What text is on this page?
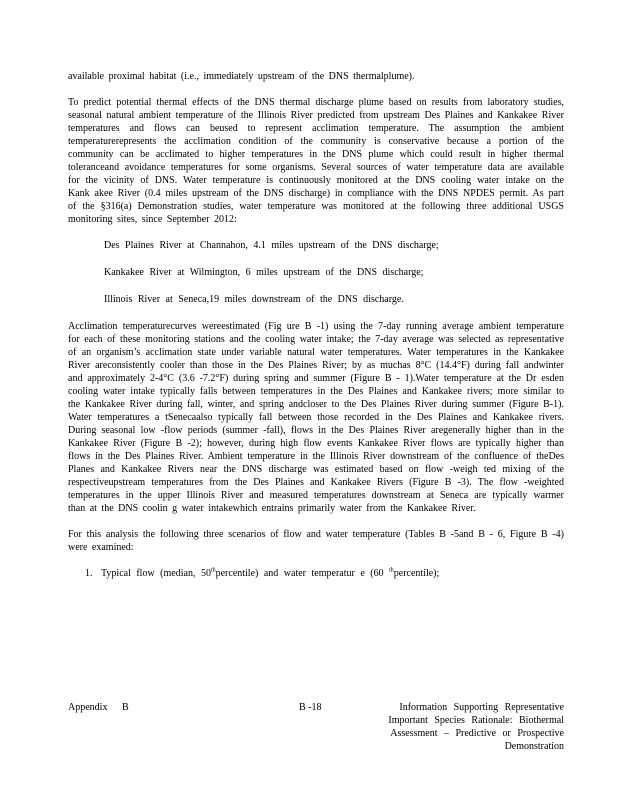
available proximal habitat (i.e., immediately upstream of the DNS thermalplume).

To predict potential thermal effects of the DNS thermal discharge plume based on results from laboratory studies, seasonal natural ambient temperature of the Illinois River predicted from upstream Des Plaines and Kankakee River temperatures and flows can beused to represent acclimation temperature. The assumption the ambient temperaturerepresents the acclimation condition of the community is conservative because a portion of the community can be acclimated to higher temperatures in the DNS plume which could result in higher thermal toleranceand avoidance temperatures for some organisms. Several sources of water temperature data are available for the vicinity of DNS. Water temperature is continuously monitored at the DNS cooling water intake on the Kank akee River (0.4 miles upstream of the DNS discharge) in compliance with the DNS NPDES permit. As part of the §316(a) Demonstration studies, water temperature was monitored at the following three additional USGS monitoring sites, since September 2012:

Des Plaines River at Channahon, 4.1 miles upstream of the DNS discharge;
Kankakee River at Wilmington, 6 miles upstream of the DNS discharge;
Illinois River at Seneca,19 miles downstream of the DNS discharge.

Acclimation temperaturecurves wereestimated (Fig ure B -1) using the 7-day running average ambient temperature for each of these monitoring stations and the cooling water intake; the 7-day average was selected as representative of an organism’s acclimation state under variable natural water temperatures. Water temperatures in the Kankakee River areconsistently cooler than those in the Des Plaines River; by as muchas 8°C (14.4°F) during fall andwinter and approximately 2-4°C (3.6 -7.2°F) during spring and summer (Figure B - 1).Water temperature at the Dr esden cooling water intake typically falls between temperatures in the Des Plaines and Kankakee rivers; more similar to the Kankakee River during fall, winter, and spring andcloser to the Des Plaines River during summer (Figure B-1). Water temperatures a tSenecaalso typically fall between those recorded in the Des Plaines and Kankakee rivers. During seasonal low -flow periods (summer -fall), flows in the Des Plaines River aregenerally higher than in the Kankakee River (Figure B -2); however, during high flow events Kankakee River flows are typically higher than flows in the Des Plaines River. Ambient temperature in the Illinois River downstream of the confluence of theDes Planes and Kankakee Rivers near the DNS discharge was estimated based on flow -weigh ted mixing of the respectiveupstream temperatures from the Des Plaines and Kankakee Rivers (Figure B -3). The flow -weighted temperatures in the upper Illinois River and measured temperatures downstream at Seneca are typically warmer than at the DNS coolin g water intakewhich entrains primarily water from the Kankakee River.

For this analysis the following three scenarios of flow and water temperature (Tables B -5and B - 6, Figure B -4) were examined:

1. Typical flow (median, 50thpercentile) and water temperatur e (60 $^{th}$percentile);

Appendix B	B -18	Information Supporting Representative Important Species Rationale: Biothermal Assessment – Predictive or Prospective Demonstration
